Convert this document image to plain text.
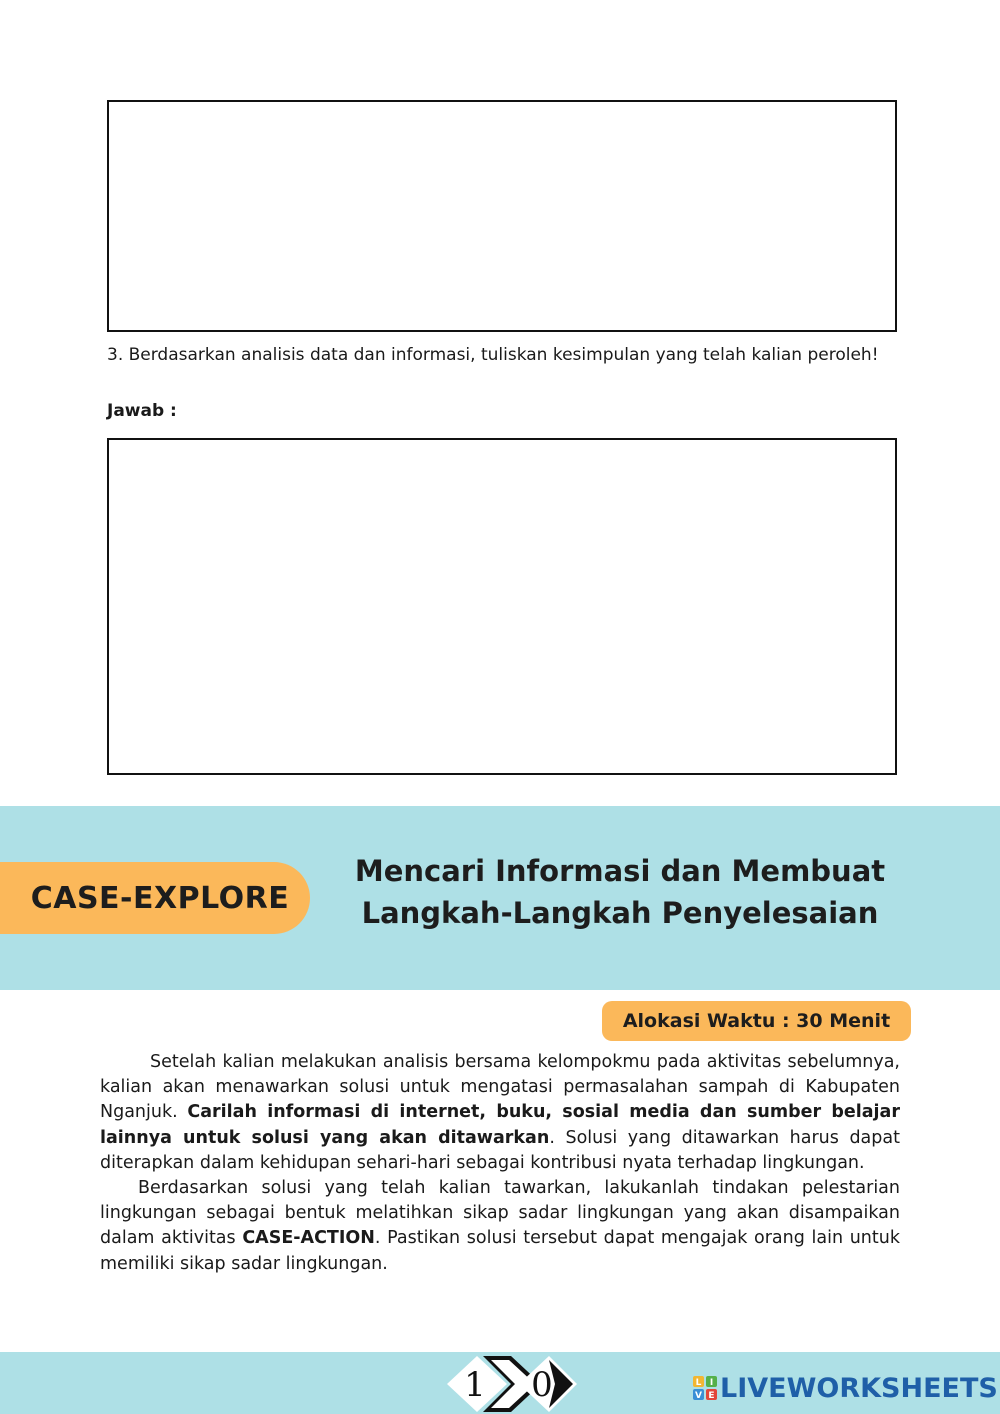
3. Berdasarkan analisis data dan informasi, tuliskan kesimpulan yang telah kalian peroleh!

Jawab :

CASE-EXPLORE
Mencari Informasi dan Membuat
Langkah-Langkah Penyelesaian
Alokasi Waktu : 30 Menit

Setelah kalian melakukan analisis bersama kelompokmu pada aktivitas sebelumnya, kalian akan menawarkan solusi untuk mengatasi permasalahan sampah di Kabupaten Nganjuk. Carilah informasi di internet, buku, sosial media dan sumber belajar lainnya untuk solusi yang akan ditawarkan. Solusi yang ditawarkan harus dapat diterapkan dalam kehidupan sehari-hari sebagai kontribusi nyata terhadap lingkungan.

Berdasarkan solusi yang telah kalian tawarkan, lakukanlah tindakan pelestarian lingkungan sebagai bentuk melatihkan sikap sadar lingkungan yang akan disampaikan dalam aktivitas CASE-ACTION. Pastikan solusi tersebut dapat mengajak orang lain untuk memiliki sikap sadar lingkungan.

1 0	L I
V E LIVEWORKSHEETS
